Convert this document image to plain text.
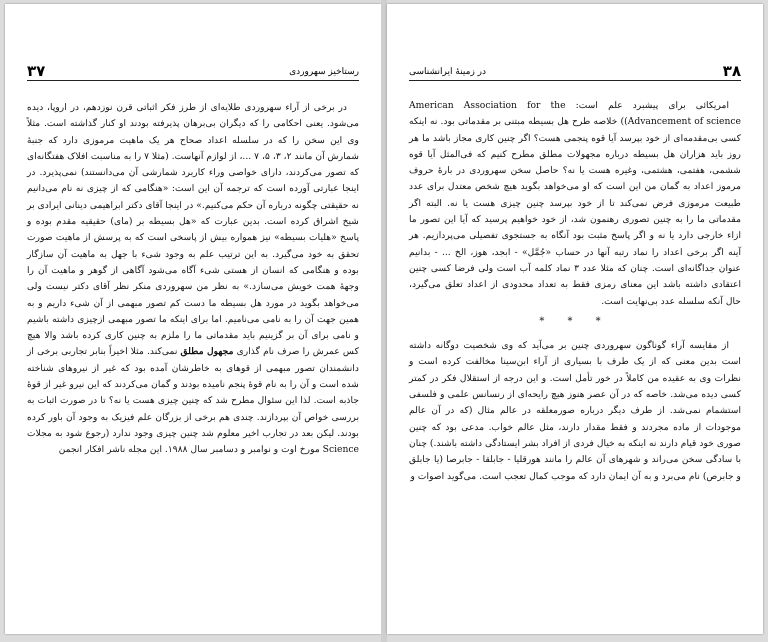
رستاخیز سهروردی
۳۷

در برخی از آراء سهروردی طلایه‌ای از طرز فکر اثباتی قرن نوزدهم، در اروپا، دیده می‌شود. یعنی احکامی را که دیگران بی‌برهان پذیرفته بودند او کنار گذاشته است. مثلاً وی این سخن را که در سلسله اعداد صحاح هر یک ماهیت مرموزی دارد که جنبهٔ شمارش آن مانند ۲، ۳، ۵، ۷ ...، از لوازم آنهاست. (مثلا ۷ را به مناسبت افلاک هفتگانه‌ای که تصور می‌کردند، دارای خواصی وراء کاربرد شمارشی آن می‌دانستند) نمی‌پذیرد. در اینجا عبارتی آورده است که ترجمه آن این است: «هنگامی که از چیزی نه نام می‌دانیم نه حقیقتی چگونه درباره آن حکم می‌کنیم.» در اینجا آقای دکتر ابراهیمی دینانی ایرادی بر شیخ اشراق کرده است. بدین عبارت که «هل بسیطه بر (مای) حقیقیه مقدم بوده و پاسخ «هلیات بسیطه» نیز همواره بیش از پاسخی است که به پرسش از ماهیت صورت تحقق به خود می‌گیرد. به این ترتیب علم به وجود شیء با جهل به ماهیت آن سازگار بوده و هنگامی که انسان از هستی شیء آگاه می‌شود آگاهی از گوهر و ماهیت آن را وجههٔ همت خویش می‌سازد.» به نظر من سهروردی منکر نظر آقای دکتر نیست ولی می‌خواهد بگوید در مورد هل بسیطه ما دست کم تصور مبهمی از آن شیء داریم و به همین جهت آن را به نامی می‌نامیم. اما برای اینکه ما تصور مبهمی ازچیزی داشته باشیم و نامی برای آن بر گزینیم باید مقدماتی ما را ملزم به چنین کاری کرده باشد والا هیچ کس عمرش را صرف نام گذاری مجهول مطلق نمی‌کند. مثلا اخیراً بنابر تجاربی برخی از دانشمندان تصور مبهمی از قوهای به خاطرشان آمده بود که غیر از نیروهای شناخته شده است و آن را به نام قوهٔ پنجم نامیده بودند و گمان می‌کردند که این نیرو غیر از قوهٔ جاذبه است. لذا این سئوال مطرح شد که چنین چیزی هست یا نه؟ تا در صورت اثبات به بررسی خواص آن بپردازند. چندی هم برخی از بزرگان علم فیزیک به وجود آن باور کرده بودند. لیکن بعد در تجارب اخیر معلوم شد چنین چیزی وجود ندارد (رجوع شود به مجلات Science مورخ اوت و نوامبر و دسامبر سال ۱۹۸۸. این مجله ناشر افکار انجمن

۳۸
در زمینهٔ ایرانشناسی

امریکائی برای پیشبرد علم است: American Association for the (Advancement of science) خلاصه طرح هل بسیطه مبتنی بر مقدماتی بود. نه اینکه کسی بی‌مقدمه‌ای از خود بپرسد آیا قوه پنجمی هست؟ اگر چنین کاری مجاز باشد ما هر روز باید هزاران هل بسیطه درباره مجهولات مطلق مطرح کنیم که فی‌المثل آیا قوه ششمی، هفتمی، هشتمی، وغیره هست یا نه؟ حاصل سخن سهروردی در بارهٔ حروف مرموز اعداد به گمان من این است که او می‌خواهد بگوید هیچ شخص معتدل برای عدد طبیعت مرموزی فرض نمی‌کند تا از خود بپرسد چنین چیزی هست یا نه. البته اگر مقدماتی ما را به چنین تصوری رهنمون شد، از خود خواهیم پرسید که آیا این تصور ما ازاء خارجی دارد یا نه و اگر پاسخ مثبت بود آنگاه به جستجوی تفصیلی می‌پردازیم. هر آینه اگر برخی اعداد را نماد رتبه آنها در حساب «جُمَّل» - ابجد، هوز، الخ ... - بدانیم عنوان جداگانه‌ای است. چنان که مثلا عدد ۳ نماد کلمه آب است ولی فرضا کسی چنین اعتقادی داشته باشد این معنای رمزی فقط به تعداد محدودی از اعداد تعلق می‌گیرد، حال آنکه سلسله عدد بی‌نهایت است.

* * *

از مقایسه آراء گوناگون سهروردی چنین بر می‌آید که وی شخصیت دوگانه داشته است بدین معنی که از یک طرف با بسیاری از آراء ابن‌سینا مخالفت کرده است و نظرات وی به عقیده من کاملاً در خور تأمل است. و این درجه از استقلال فکر در کمتر کسی دیده می‌شد. خاصه که در آن عصر هنوز هیچ رایحه‌ای از رنسانس علمی و فلسفی استشمام نمی‌شد. از طرف دیگر درباره صورمعلقه در عالم مثال (که در آن عالم موجودات از ماده مجردند و فقط مقدار دارند، مثل عالم خواب. مدعی بود که چنین صوری خود قیام دارند نه اینکه به خیال فردی از افراد بشر ایستادگی داشته باشند.) چنان با سادگی سخن می‌راند و شهرهای آن عالم را مانند هورقلیا - جابلقا - جابرصا (یا جابلق و جابرص) نام می‌برد و به آن ایمان دارد که موجب کمال تعجب است. می‌گوید اصوات و
